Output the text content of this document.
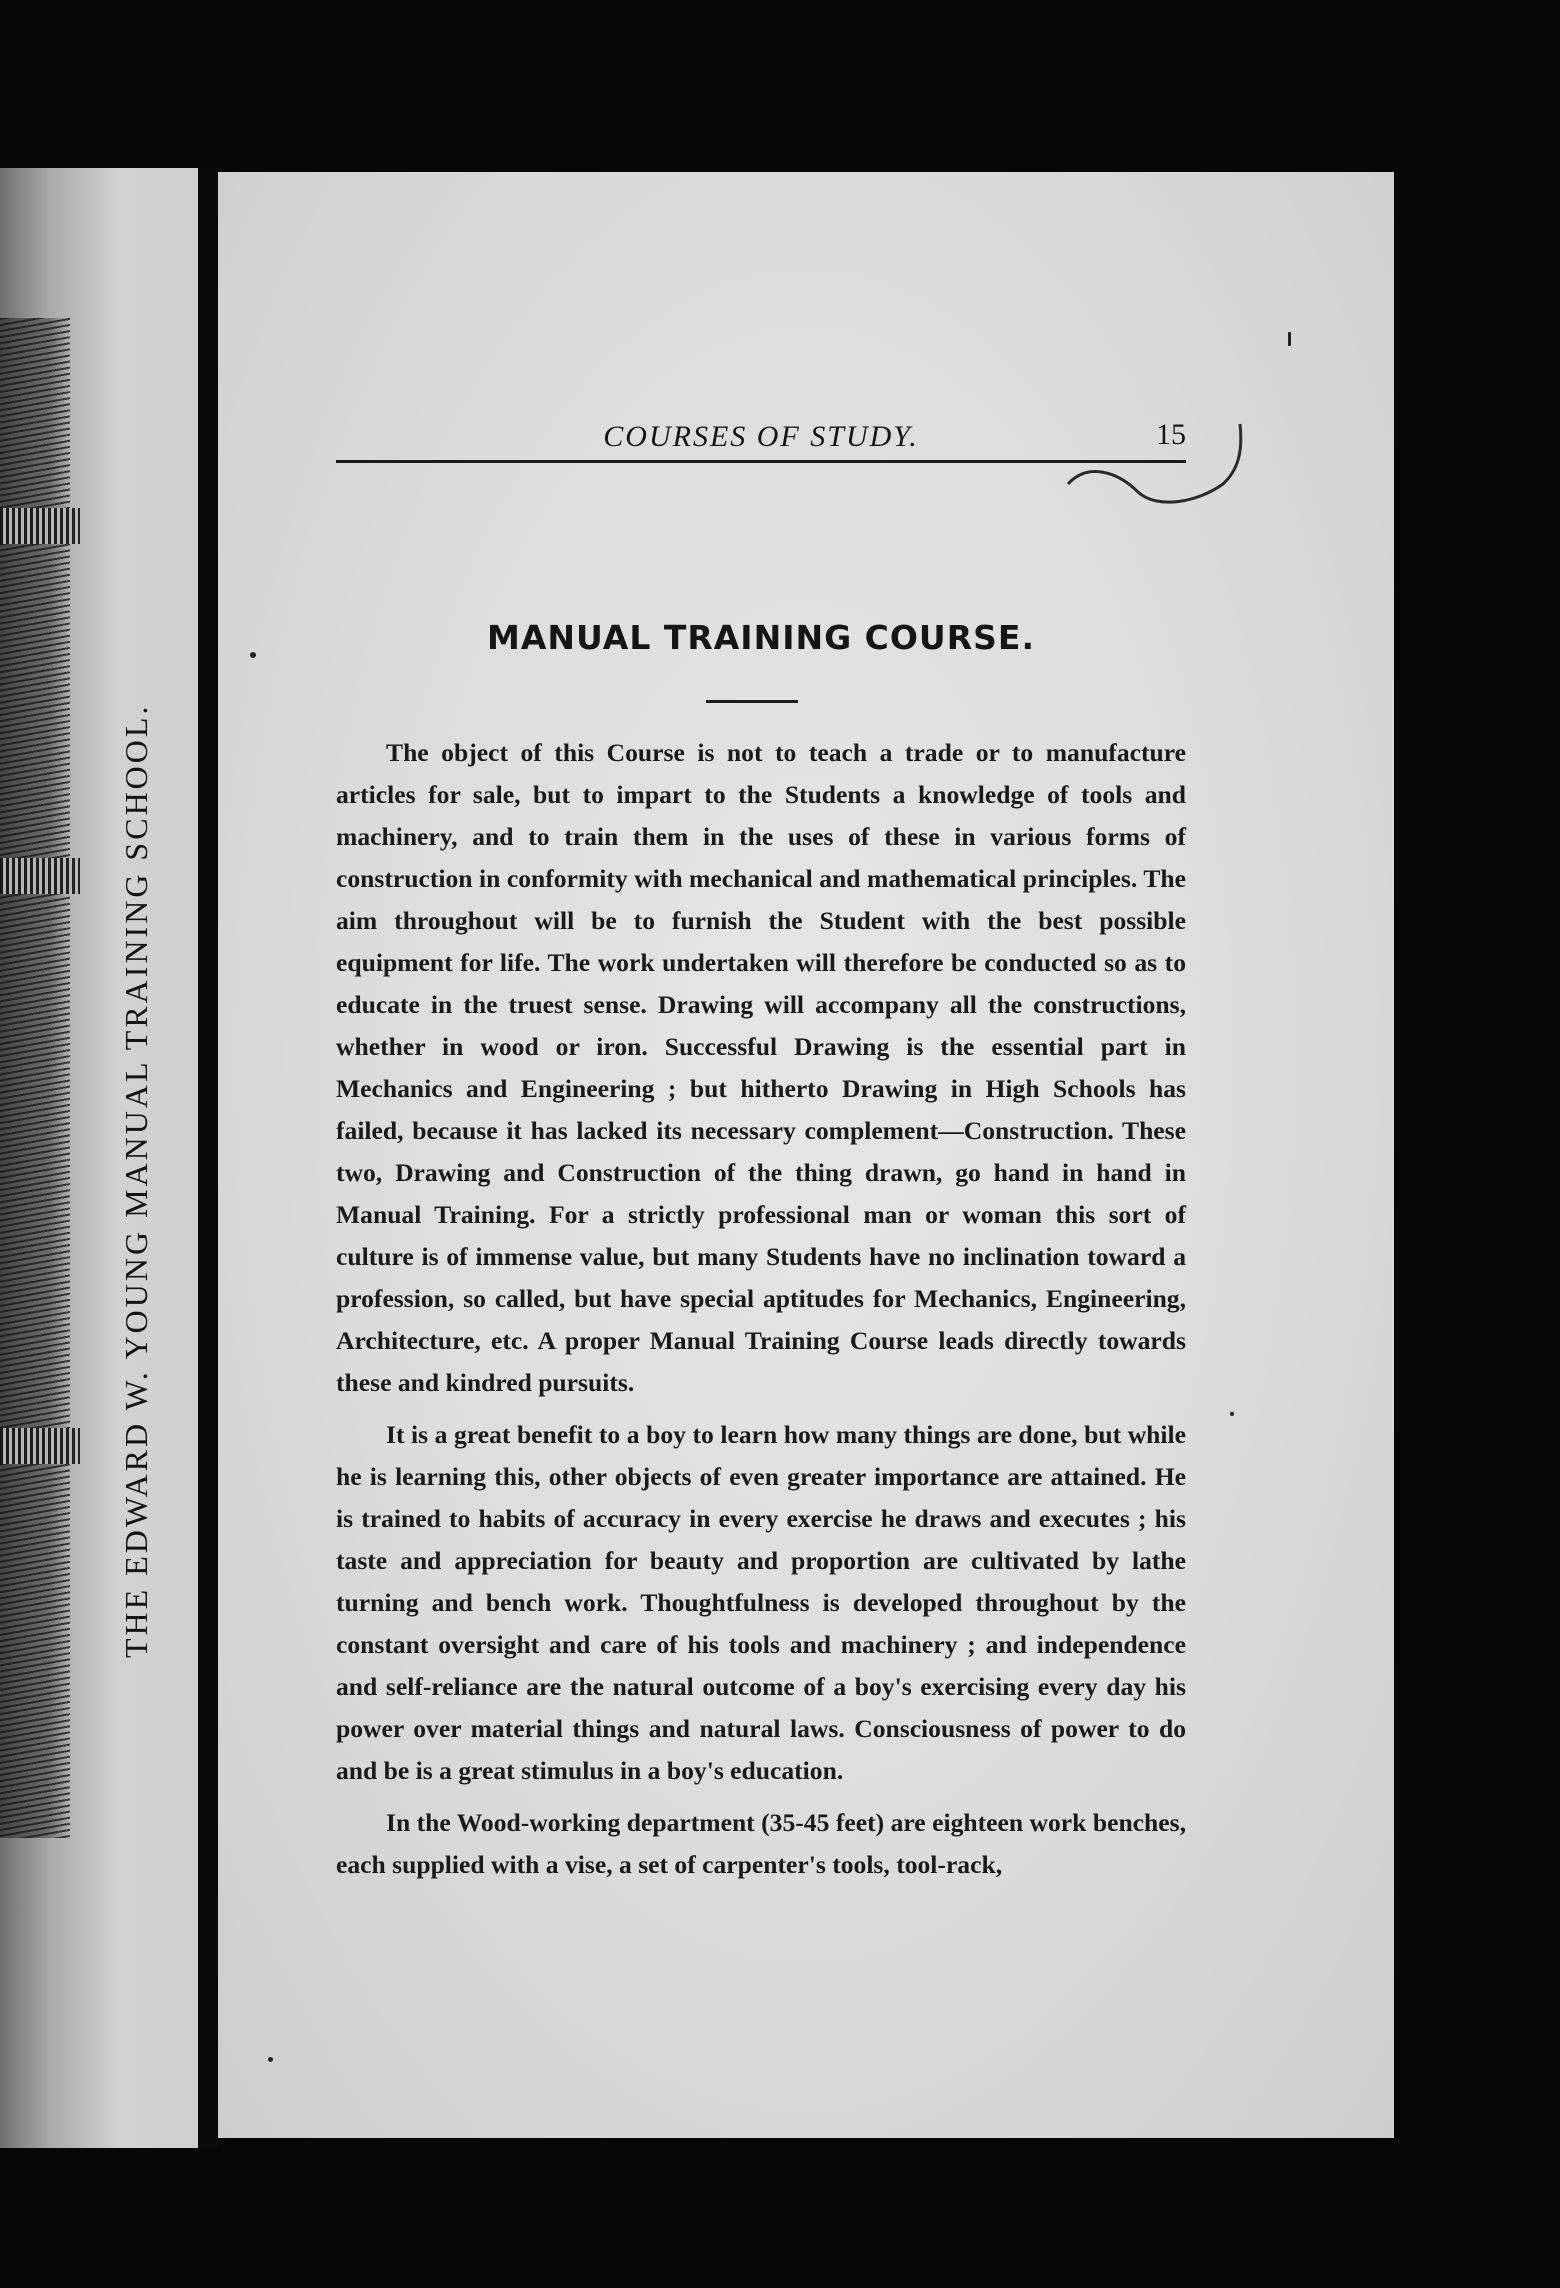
THE EDWARD W. YOUNG MANUAL TRAINING SCHOOL.
COURSES OF STUDY.	15
MANUAL TRAINING COURSE.

The object of this Course is not to teach a trade or to manufacture articles for sale, but to impart to the Students a knowledge of tools and machinery, and to train them in the uses of these in various forms of construction in conformity with mechanical and mathematical principles. The aim throughout will be to furnish the Student with the best possible equipment for life. The work undertaken will therefore be conducted so as to educate in the truest sense. Drawing will accompany all the constructions, whether in wood or iron. Successful Drawing is the essential part in Mechanics and Engineering ; but hitherto Drawing in High Schools has failed, because it has lacked its necessary complement—Construction. These two, Drawing and Construction of the thing drawn, go hand in hand in Manual Training. For a strictly professional man or woman this sort of culture is of immense value, but many Students have no inclination toward a profession, so called, but have special aptitudes for Mechanics, Engineering, Architecture, etc. A proper Manual Training Course leads directly towards these and kindred pursuits.

It is a great benefit to a boy to learn how many things are done, but while he is learning this, other objects of even greater importance are attained. He is trained to habits of accuracy in every exercise he draws and executes ; his taste and appreciation for beauty and proportion are cultivated by lathe turning and bench work. Thoughtfulness is developed throughout by the constant oversight and care of his tools and machinery ; and independence and self-reliance are the natural outcome of a boy's exercising every day his power over material things and natural laws. Consciousness of power to do and be is a great stimulus in a boy's education.

In the Wood-working department (35-45 feet) are eighteen work benches, each supplied with a vise, a set of carpenter's tools, tool-rack,
